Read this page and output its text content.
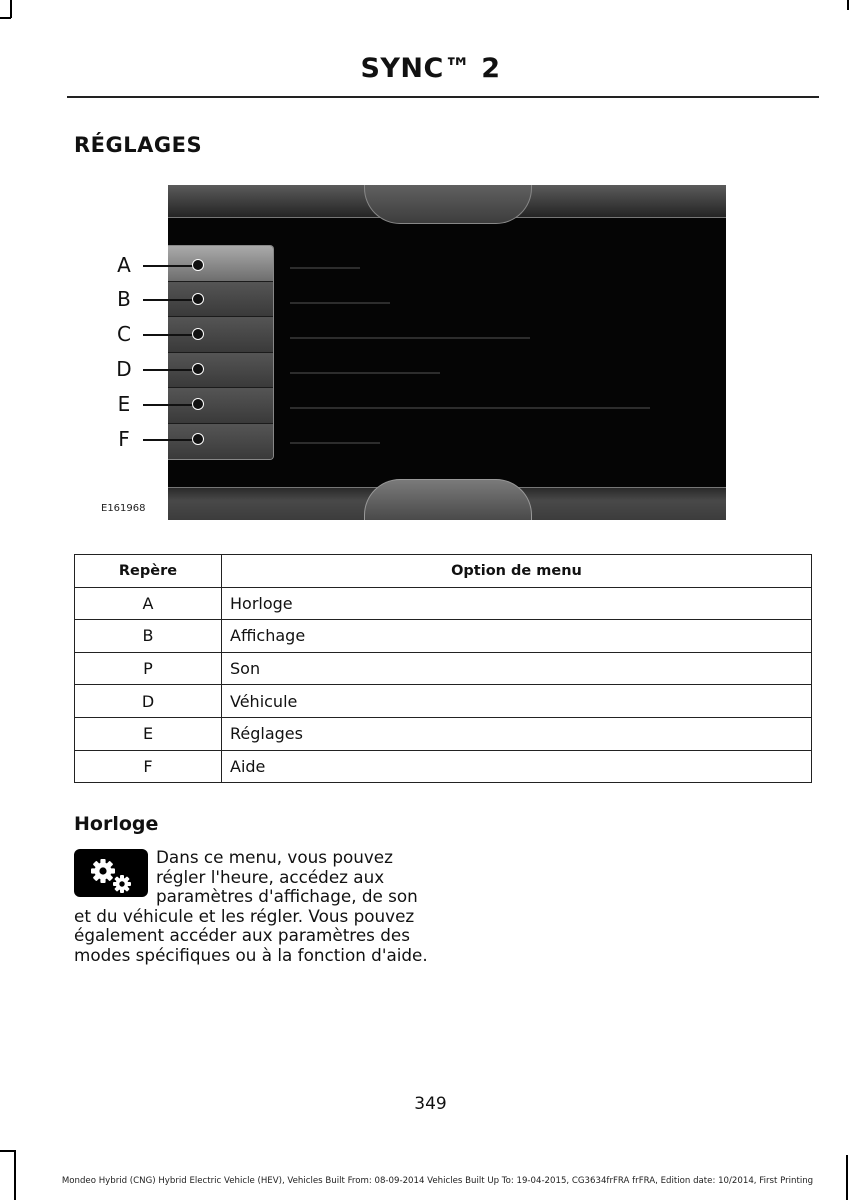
SYNC™ 2
RÉGLAGES
A
B
C
D
E
F
E161968
Repère	Option de menu
A	Horloge
B	Affichage
P	Son
D	Véhicule
E	Réglages
F	Aide
Horloge
Dans ce menu, vous pouvez
régler l'heure, accédez aux
paramètres d'affichage, de son
et du véhicule et les régler. Vous pouvez
également accéder aux paramètres des
modes spécifiques ou à la fonction d'aide.
349
Mondeo Hybrid (CNG) Hybrid Electric Vehicle (HEV), Vehicles Built From: 08-09-2014 Vehicles Built Up To: 19-04-2015, CG3634frFRA frFRA, Edition date: 10/2014, First Printing
